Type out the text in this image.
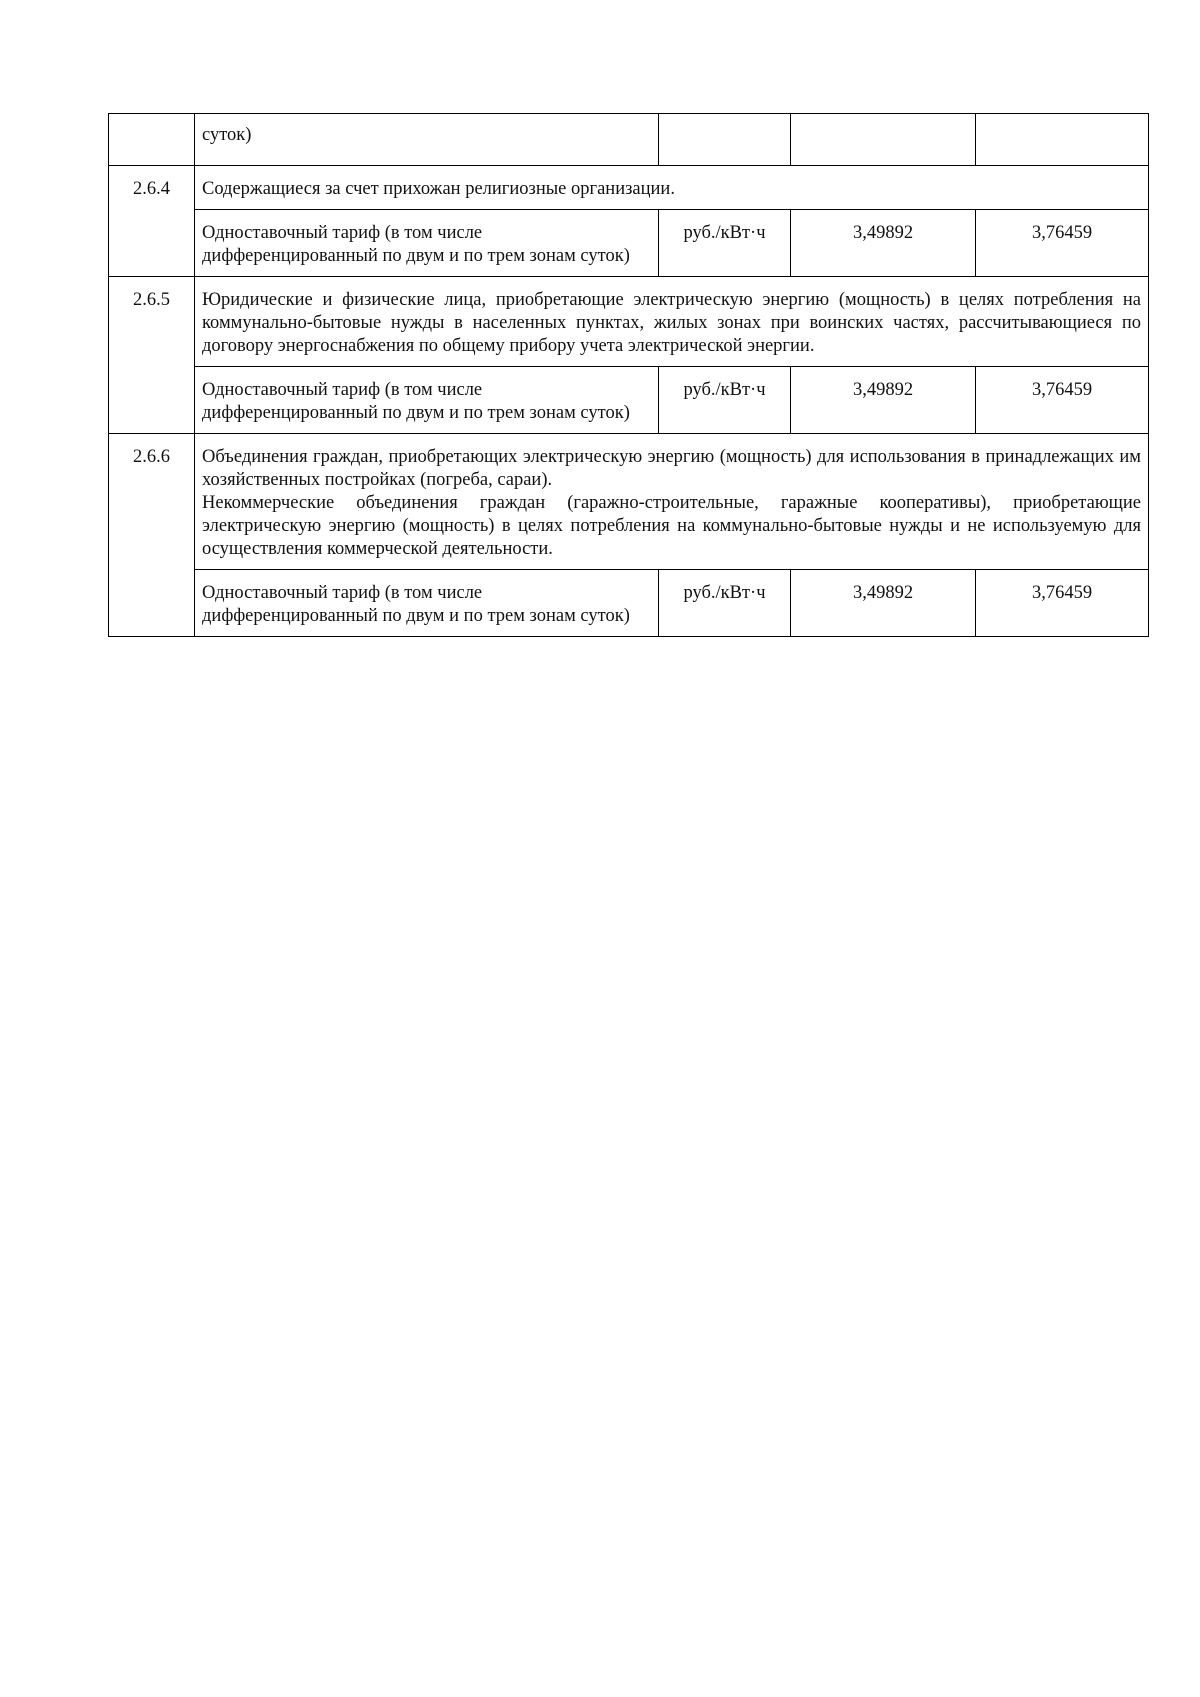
	суток)			
2.6.4	Содержащиеся за счет прихожан религиозные организации.			
	Одноставочный тариф (в том числе дифференцированный по двум и по трем зонам суток)	руб./кВт·ч	3,49892	3,76459
2.6.5	Юридические и физические лица, приобретающие электрическую энергию (мощность) в целях потребления на коммунально-бытовые нужды в населенных пунктах, жилых зонах при воинских частях, рассчитывающиеся по договору энергоснабжения по общему прибору учета электрической энергии.			
	Одноставочный тариф (в том числе дифференцированный по двум и по трем зонам суток)	руб./кВт·ч	3,49892	3,76459
2.6.6	Объединения граждан, приобретающих электрическую энергию (мощность) для использования в принадлежащих им хозяйственных постройках (погреба, сараи).
Некоммерческие объединения граждан (гаражно-строительные, гаражные кооперативы), приобретающие электрическую энергию (мощность) в целях потребления на коммунально-бытовые нужды и не используемую для осуществления коммерческой деятельности.			

	Одноставочный тариф (в том числе дифференцированный по двум и по трем зонам суток)	руб./кВт·ч	3,49892	3,76459
